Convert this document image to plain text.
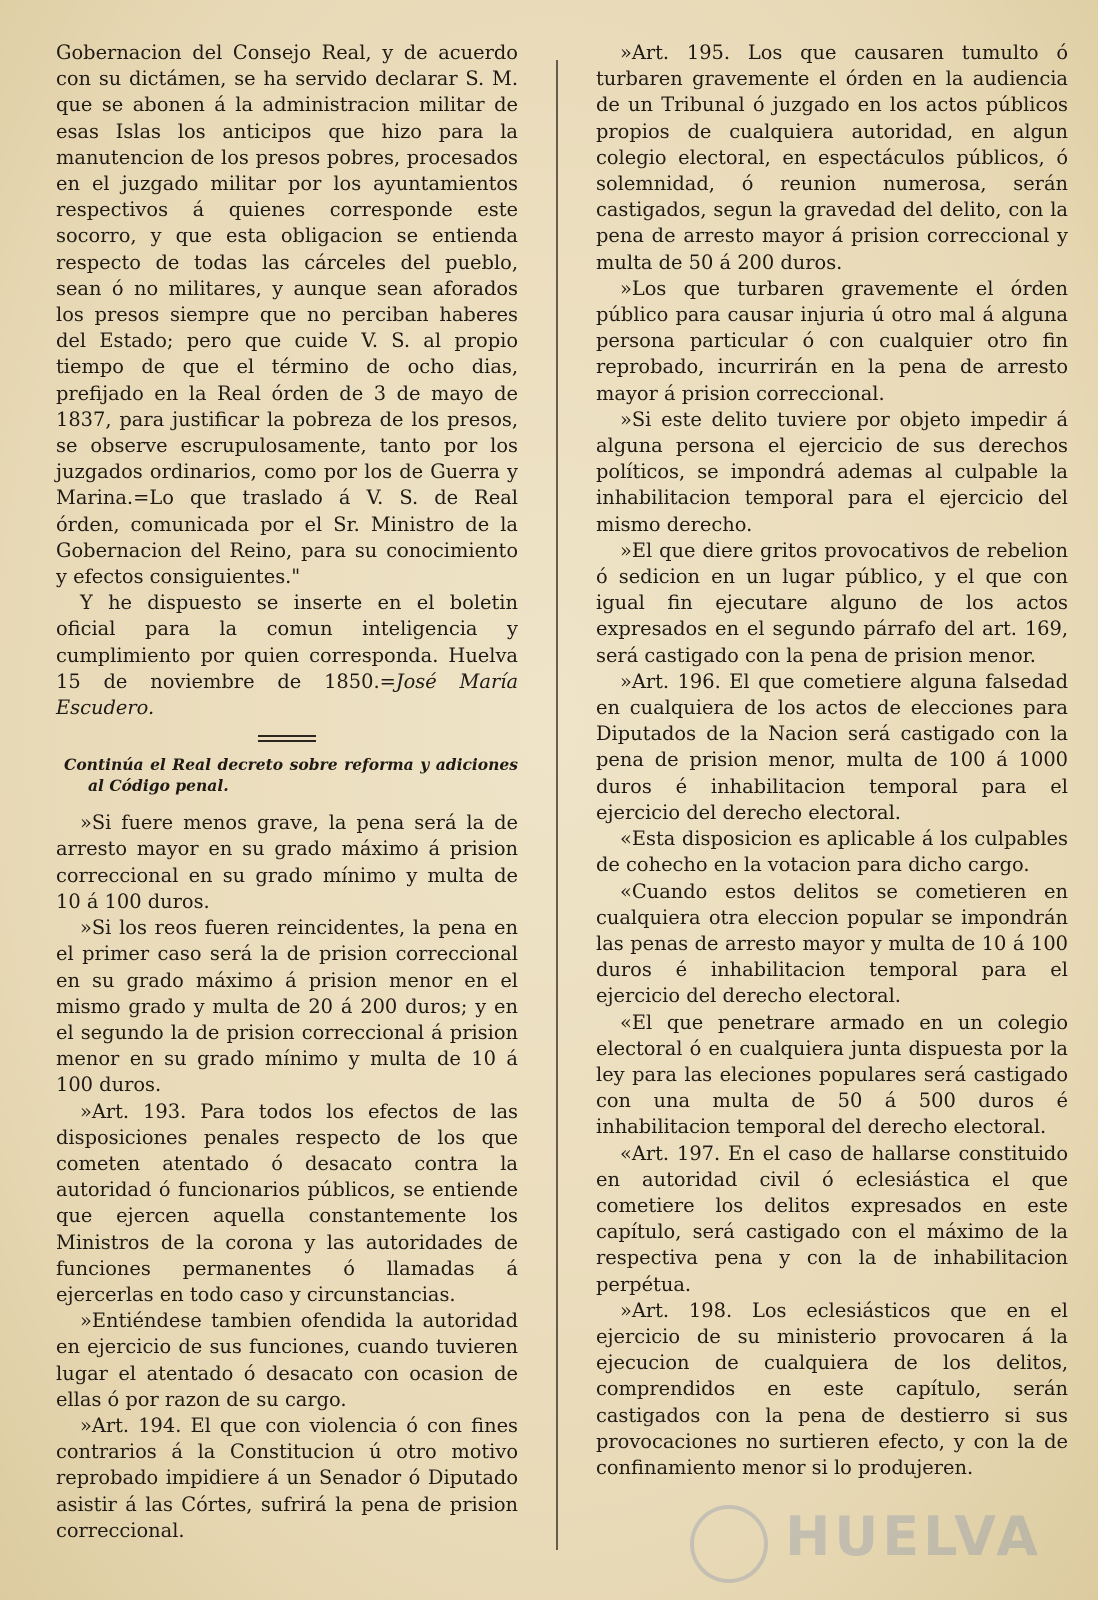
Gobernacion del Consejo Real, y de acuerdo con su dictámen, se ha servido declarar S. M. que se abonen á la administracion militar de esas Islas los anticipos que hizo para la manutencion de los presos pobres, procesados en el juzgado militar por los ayuntamientos respectivos á quienes corresponde este socorro, y que esta obligacion se entienda respecto de todas las cárceles del pueblo, sean ó no militares, y aunque sean aforados los presos siempre que no perciban haberes del Estado; pero que cuide V. S. al propio tiempo de que el término de ocho dias, prefijado en la Real órden de 3 de mayo de 1837, para justificar la pobreza de los presos, se observe escrupulosamente, tanto por los juzgados ordinarios, como por los de Guerra y Marina.=Lo que traslado á V. S. de Real órden, comunicada por el Sr. Ministro de la Gobernacion del Reino, para su conocimiento y efectos consiguientes."

Y he dispuesto se inserte en el boletin oficial para la comun inteligencia y cumplimiento por quien corresponda. Huelva 15 de noviembre de 1850.=José María Escudero.

Continúa el Real decreto sobre reforma y adiciones al Código penal.

»Si fuere menos grave, la pena será la de arresto mayor en su grado máximo á prision correccional en su grado mínimo y multa de 10 á 100 duros.

»Si los reos fueren reincidentes, la pena en el primer caso será la de prision correccional en su grado máximo á prision menor en el mismo grado y multa de 20 á 200 duros; y en el segundo la de prision correccional á prision menor en su grado mínimo y multa de 10 á 100 duros.

»Art. 193. Para todos los efectos de las disposiciones penales respecto de los que cometen atentado ó desacato contra la autoridad ó funcionarios públicos, se entiende que ejercen aquella constantemente los Ministros de la corona y las autoridades de funciones permanentes ó llamadas á ejercerlas en todo caso y circunstancias.

»Entiéndese tambien ofendida la autoridad en ejercicio de sus funciones, cuando tuvieren lugar el atentado ó desacato con ocasion de ellas ó por razon de su cargo.

»Art. 194. El que con violencia ó con fines contrarios á la Constitucion ú otro motivo reprobado impidiere á un Senador ó Diputado asistir á las Córtes, sufrirá la pena de prision correccional.

»Art. 195. Los que causaren tumulto ó turbaren gravemente el órden en la audiencia de un Tribunal ó juzgado en los actos públicos propios de cualquiera autoridad, en algun colegio electoral, en espectáculos públicos, ó solemnidad, ó reunion numerosa, serán castigados, segun la gravedad del delito, con la pena de arresto mayor á prision correccional y multa de 50 á 200 duros.

»Los que turbaren gravemente el órden público para causar injuria ú otro mal á alguna persona particular ó con cualquier otro fin reprobado, incurrirán en la pena de arresto mayor á prision correccional.

»Si este delito tuviere por objeto impedir á alguna persona el ejercicio de sus derechos políticos, se impondrá ademas al culpable la inhabilitacion temporal para el ejercicio del mismo derecho.

»El que diere gritos provocativos de rebelion ó sedicion en un lugar público, y el que con igual fin ejecutare alguno de los actos expresados en el segundo párrafo del art. 169, será castigado con la pena de prision menor.

»Art. 196. El que cometiere alguna falsedad en cualquiera de los actos de elecciones para Diputados de la Nacion será castigado con la pena de prision menor, multa de 100 á 1000 duros é inhabilitacion temporal para el ejercicio del derecho electoral.

«Esta disposicion es aplicable á los culpables de cohecho en la votacion para dicho cargo.

«Cuando estos delitos se cometieren en cualquiera otra eleccion popular se impondrán las penas de arresto mayor y multa de 10 á 100 duros é inhabilitacion temporal para el ejercicio del derecho electoral.

«El que penetrare armado en un colegio electoral ó en cualquiera junta dispuesta por la ley para las eleciones populares será castigado con una multa de 50 á 500 duros é inhabilitacion temporal del derecho electoral.

«Art. 197. En el caso de hallarse constituido en autoridad civil ó eclesiástica el que cometiere los delitos expresados en este capítulo, será castigado con el máximo de la respectiva pena y con la de inhabilitacion perpétua.

»Art. 198. Los eclesiásticos que en el ejercicio de su ministerio provocaren á la ejecucion de cualquiera de los delitos, comprendidos en este capítulo, serán castigados con la pena de destierro si sus provocaciones no surtieren efecto, y con la de confinamiento menor si lo produjeren.

HUELVA
